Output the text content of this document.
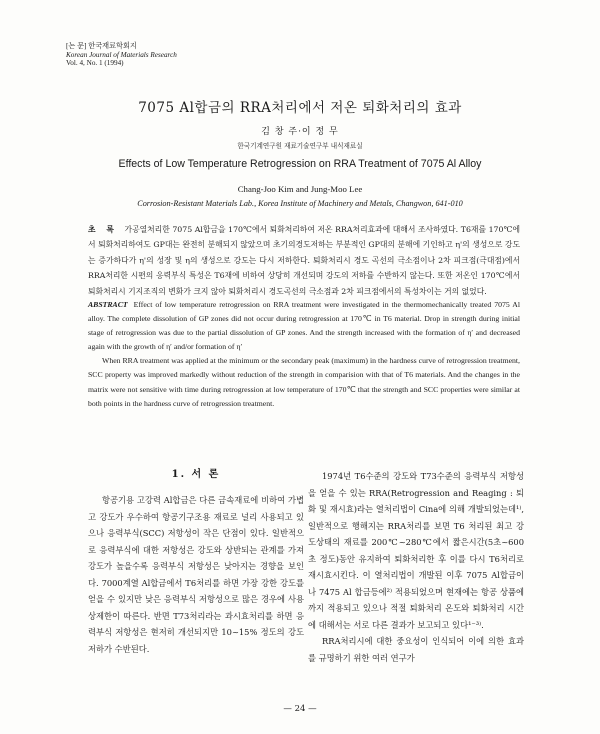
[논 문] 한국재료학회지
Korean Journal of Materials Research
Vol. 4, No. 1 (1994)
7075 Al합금의 RRA처리에서 저온 퇴화처리의 효과
김 창 주·이 정 무
한국기계연구원 재료기술연구부 내식재료실
Effects of Low Temperature Retrogression on RRA Treatment of 7075 Al Alloy
Chang-Joo Kim and Jung-Moo Lee
Corrosion-Resistant Materials Lab., Korea Institute of Machinery and Metals, Changwon, 641-010
초 록 가공열처리한 7075 Al합금을 170℃에서 퇴화처리하여 저온 RRA처리효과에 대해서 조사하였다. T6재를 170℃에서 퇴화처리하여도 GP대는 완전히 분해되지 않았으며 초기의경도저하는 부분적인 GP대의 분해에 기인하고 η'의 생성으로 강도는 증가하다가 η'의 성장 및 η의 생성으로 강도는 다시 저하한다. 퇴화처리시 경도 곡선의 극소점이나 2차 피크점(극대점)에서 RRA처리한 시편의 응력부식 특성은 T6재에 비하여 상당히 개선되며 강도의 저하를 수반하지 않는다. 또한 저온인 170℃에서 퇴화처리시 기지조직의 변화가 크지 않아 퇴화처리시 경도곡선의 극소점과 2차 피크점에서의 특성차이는 거의 없었다.

ABSTRACT Effect of low temperature retrogression on RRA treatment were investigated in the thermomechanically treated 7075 Al alloy. The complete dissolution of GP zones did not occur during retrogression at 170℃ in T6 material. Drop in strength during initial stage of retrogression was due to the partial dissolution of GP zones. And the strength increased with the formation of η′ and decreased again with the growth of η′ and/or formation of η′

When RRA treatment was applied at the minimum or the secondary peak (maximum) in the hardness curve of retrogression treatment, SCC property was improved markedly without reduction of the strength in comparision with that of T6 materials. And the changes in the matrix were not sensitive with time during retrogression at low temperature of 170℃ that the strength and SCC properties were similar at both points in the hardness curve of retrogression treatment.

1. 서 론

항공기용 고강력 Al합금은 다른 금속재료에 비하여 가볍고 강도가 우수하여 항공기구조용 재료로 널리 사용되고 있으나 응력부식(SCC) 저항성이 작은 단점이 있다. 일반적으로 응력부식에 대한 저항성은 강도와 상반되는 관계를 가져 강도가 높을수록 응력부식 저항성은 낮아지는 경향을 보인다. 7000계열 Al합금에서 T6처리를 하면 가장 강한 강도를 얻을 수 있지만 낮은 응력부식 저항성으로 많은 경우에 사용상제한이 따른다. 반면 T73처리라는 과시효처리를 하면 응력부식 저항성은 현저히 개선되지만 10~15% 정도의 강도 저하가 수반된다.

1974년 T6수준의 강도와 T73수준의 응력부식 저항성을 얻을 수 있는 RRA(Retrogression and Reaging : 퇴화 및 재시효)라는 열처리법이 Cina에 의해 개발되었는데¹⁾, 일반적으로 행해지는 RRA처리를 보면 T6 처리된 최고 강도상태의 재료를 200℃~280℃에서 짧은시간(5초~600초 정도)동안 유지하여 퇴화처리한 후 이를 다시 T6처리로 재시효시킨다. 이 열처리법이 개발된 이후 7075 Al합금이나 7475 Al 합금등에²⁾ 적용되었으며 현재에는 항공 상품에까지 적용되고 있으나 적절 퇴화처리 온도와 퇴화처리 시간에 대해서는 서로 다른 결과가 보고되고 있다¹⁻³⁾.

RRA처리시에 대한 중요성이 인식되어 이에 의한 효과를 규명하기 위한 여러 연구가

— 24 —
